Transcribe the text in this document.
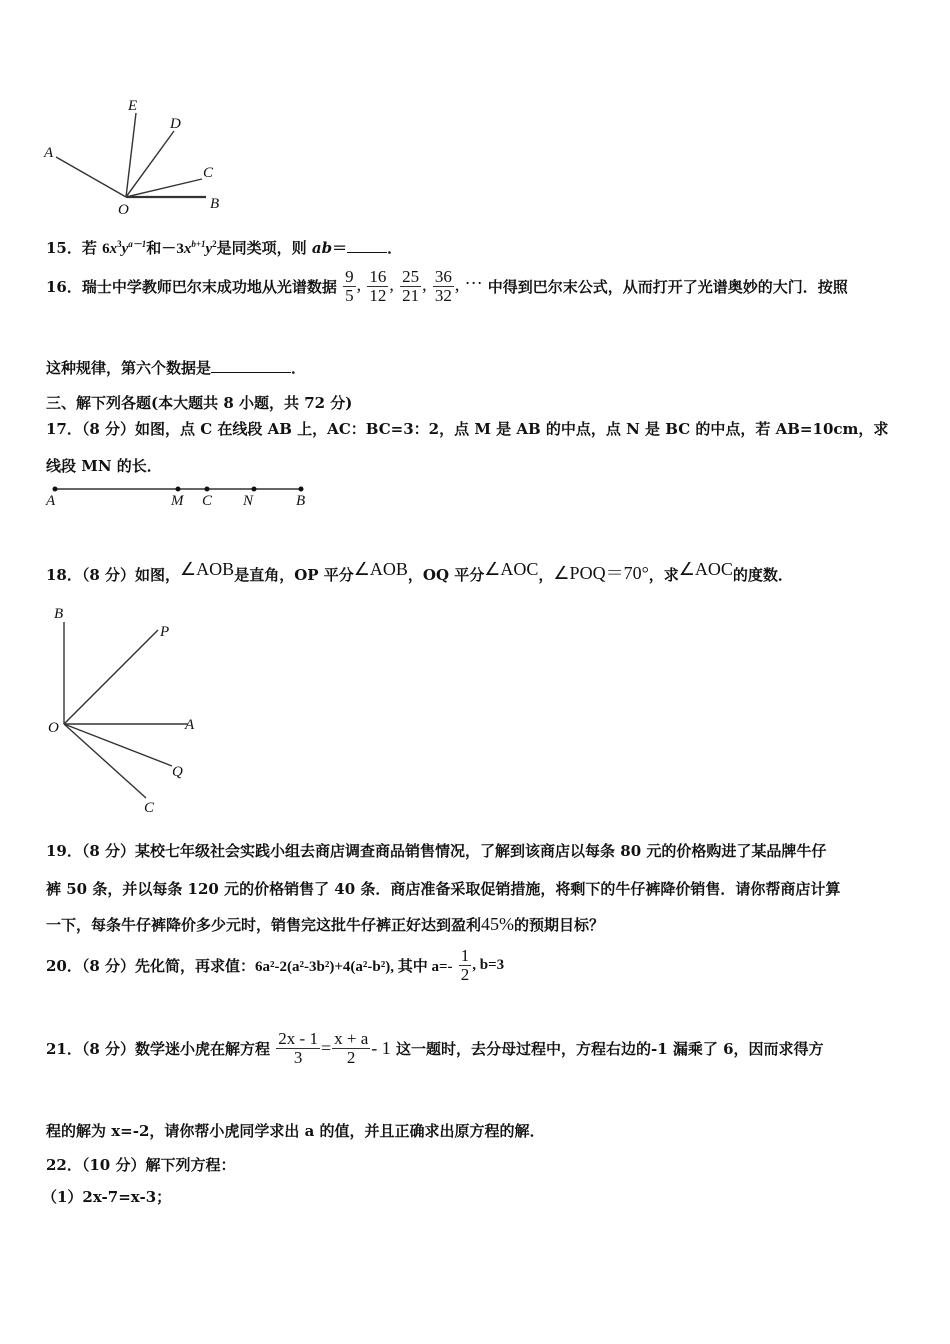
A
E
D
C
O	B
15．若 $6x^3y^{a-1}$和$-3x^{b+1}y^2$是同类项，则 ab＝	．
16．瑞士中学教师巴尔末成功地从光谱数据 $\frac{9}{5}$ , $\frac{16}{12}$ , $\frac{25}{21}$ , $\frac{36}{32}$ , … 中得到巴尔末公式，从而打开了光谱奥妙的大门．按照
这种规律，第六个数据是	．
三、解下列各题(本大题共 8 小题，共 72 分)
17．（8 分）如图，点 C 在线段 AB 上，AC：BC=3：2，点 M 是 AB 的中点，点 N 是 BC 的中点，若 AB=10cm，求
线段 MN 的长．
A	M C N	B
18．（8 分）如图，∠AOB是直角，OP 平分∠AOB，OQ 平分∠AOC，∠POQ＝70°，求∠AOC的度数．
B
P
O	A
Q
C
19．（8 分）某校七年级社会实践小组去商店调查商品销售情况，了解到该商店以每条 80 元的价格购进了某品牌牛仔
裤 50 条，并以每条 120 元的价格销售了 40 条．商店准备采取促销措施，将剩下的牛仔裤降价销售．请你帮商店计算
一下，每条牛仔裤降价多少元时，销售完这批牛仔裤正好达到盈利45%的预期目标？
20．（8 分）先化简，再求值：6a²-2(a²-3b²)+4(a²-b²), 其中 $a=- \frac{1}{2}$ , b=3
21．（8 分）数学迷小虎在解方程 $\frac{2x - 1}{3} = \frac{x + a}{2} - 1$ 这一题时，去分母过程中，方程右边的-1 漏乘了 6，因而求得方
程的解为 x=-2，请你帮小虎同学求出 a 的值，并且正确求出原方程的解．
22．（10 分）解下列方程：
（1）2x-7=x-3；
